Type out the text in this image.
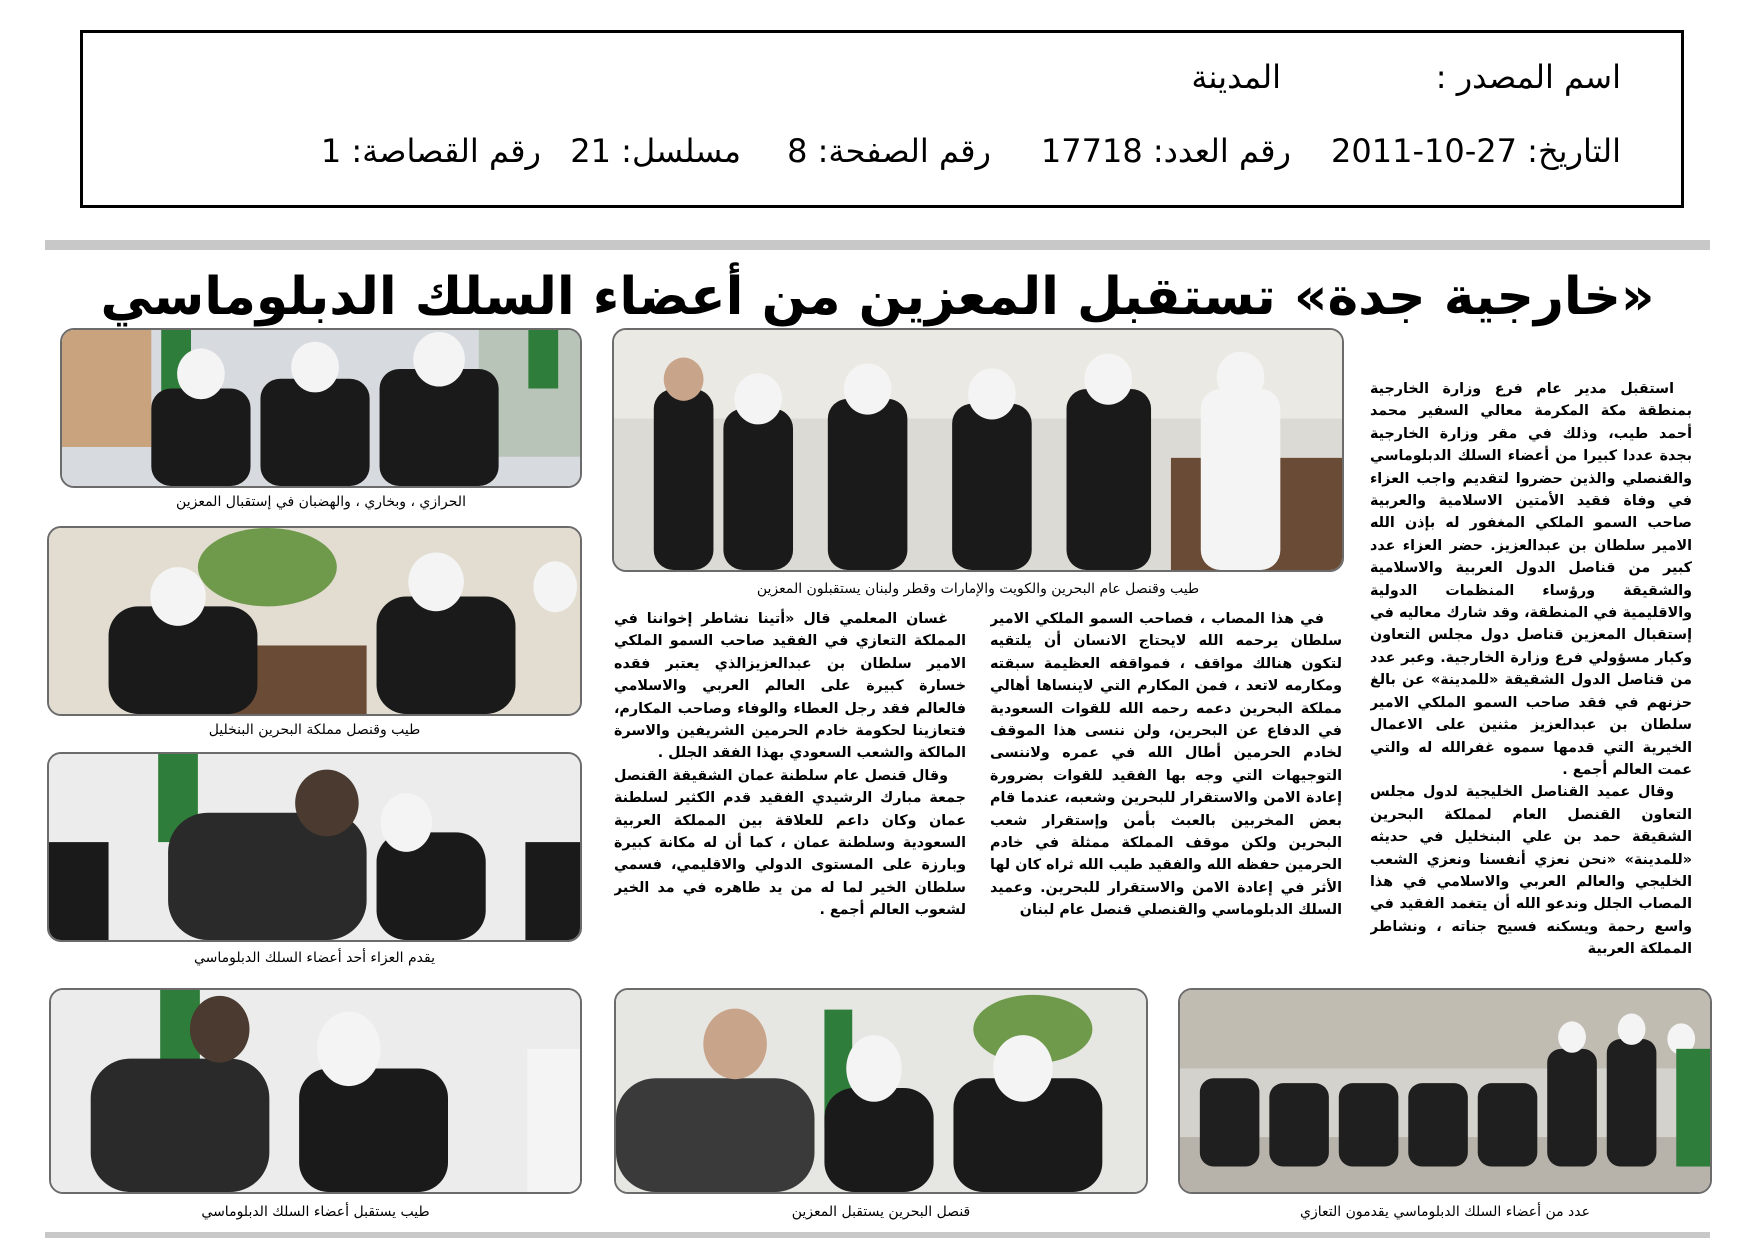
اسم المصدر :
المدينة
التاريخ: 27-10-2011
رقم العدد: 17718
رقم الصفحة: 8
مسلسل: 21
رقم القصاصة: 1
«خارجية جدة» تستقبل المعزين من أعضاء السلك الدبلوماسي
طيب وقنصل عام البحرين والكويت والإمارات وقطر ولبنان يستقبلون المعزين
الحرازي ، وبخاري ، والهضبان في إستقبال المعزين
طيب وقنصل مملكة البحرين البنخليل
يقدم العزاء أحد أعضاء السلك الدبلوماسي

استقبل مدير عام فرع وزارة الخارجية بمنطقة مكة المكرمة معالي السفير محمد أحمد طيب، وذلك في مقر وزارة الخارجية بجدة عددا كبيرا من أعضاء السلك الدبلوماسي والقنصلي والذين حضروا لتقديم واجب العزاء في وفاة فقيد الأمتين الاسلامية والعربية صاحب السمو الملكي المغفور له بإذن الله الامير سلطان بن عبدالعزيز. حضر العزاء عدد كبير من قناصل الدول العربية والاسلامية والشقيقة ورؤساء المنظمات الدولية والاقليمية في المنطقة، وقد شارك معاليه في إستقبال المعزين قناصل دول مجلس التعاون وكبار مسؤولي فرع وزارة الخارجية. وعبر عدد من قناصل الدول الشقيقة «للمدينة» عن بالغ حزنهم في فقد صاحب السمو الملكي الامير سلطان بن عبدالعزيز مثنين على الاعمال الخيرية التي قدمها سموه غفرالله له والتي عمت العالم أجمع .

وقال عميد القناصل الخليجية لدول مجلس التعاون القنصل العام لمملكة البحرين الشقيقة حمد بن علي البنخليل في حديثه «للمدينة» «نحن نعزي أنفسنا ونعزي الشعب الخليجي والعالم العربي والاسلامي في هذا المصاب الجلل وندعو الله أن يتغمد الفقيد في واسع رحمة ويسكنه فسيح جناته ، ونشاطر المملكة العربية

في هذا المصاب ، فصاحب السمو الملكي الامير سلطان يرحمه الله لايحتاج الانسان أن يلتقيه لتكون هنالك مواقف ، فمواقفه العظيمة سبقته ومكارمه لاتعد ، فمن المكارم التي لاينساها أهالي مملكة البحرين دعمه رحمه الله للقوات السعودية في الدفاع عن البحرين، ولن ننسى هذا الموقف لخادم الحرمين أطال الله في عمره ولاننسى التوجيهات التي وجه بها الفقيد للقوات بضرورة إعادة الامن والاستقرار للبحرين وشعبه، عندما قام بعض المخربين بالعبث بأمن وإستقرار شعب البحرين ولكن موقف المملكة ممثلة في خادم الحرمين حفظه الله والفقيد طيب الله ثراه كان لها الأثر في إعادة الامن والاستقرار للبحرين. وعميد السلك الدبلوماسي والقنصلي قنصل عام لبنان

غسان المعلمي قال «أتينا نشاطر إخواننا في المملكة التعازي في الفقيد صاحب السمو الملكي الامير سلطان بن عبدالعزيزالذي يعتبر فقده خسارة كبيرة على العالم العربي والاسلامي فالعالم فقد رجل العطاء والوفاء وصاحب المكارم، فتعازينا لحكومة خادم الحرمين الشريفين والاسرة المالكة والشعب السعودي بهذا الفقد الجلل .

وقال قنصل عام سلطنة عمان الشقيقة القنصل جمعة مبارك الرشيدي الفقيد قدم الكثير لسلطنة عمان وكان داعم للعلاقة بين المملكة العربية السعودية وسلطنة عمان ، كما أن له مكانة كبيرة وبارزة على المستوى الدولي والاقليمي، فسمي سلطان الخير لما له من يد طاهره في مد الخير لشعوب العالم أجمع .

طيب يستقبل أعضاء السلك الدبلوماسي	قنصل البحرين يستقبل المعزين	عدد من أعضاء السلك الدبلوماسي يقدمون التعازي
